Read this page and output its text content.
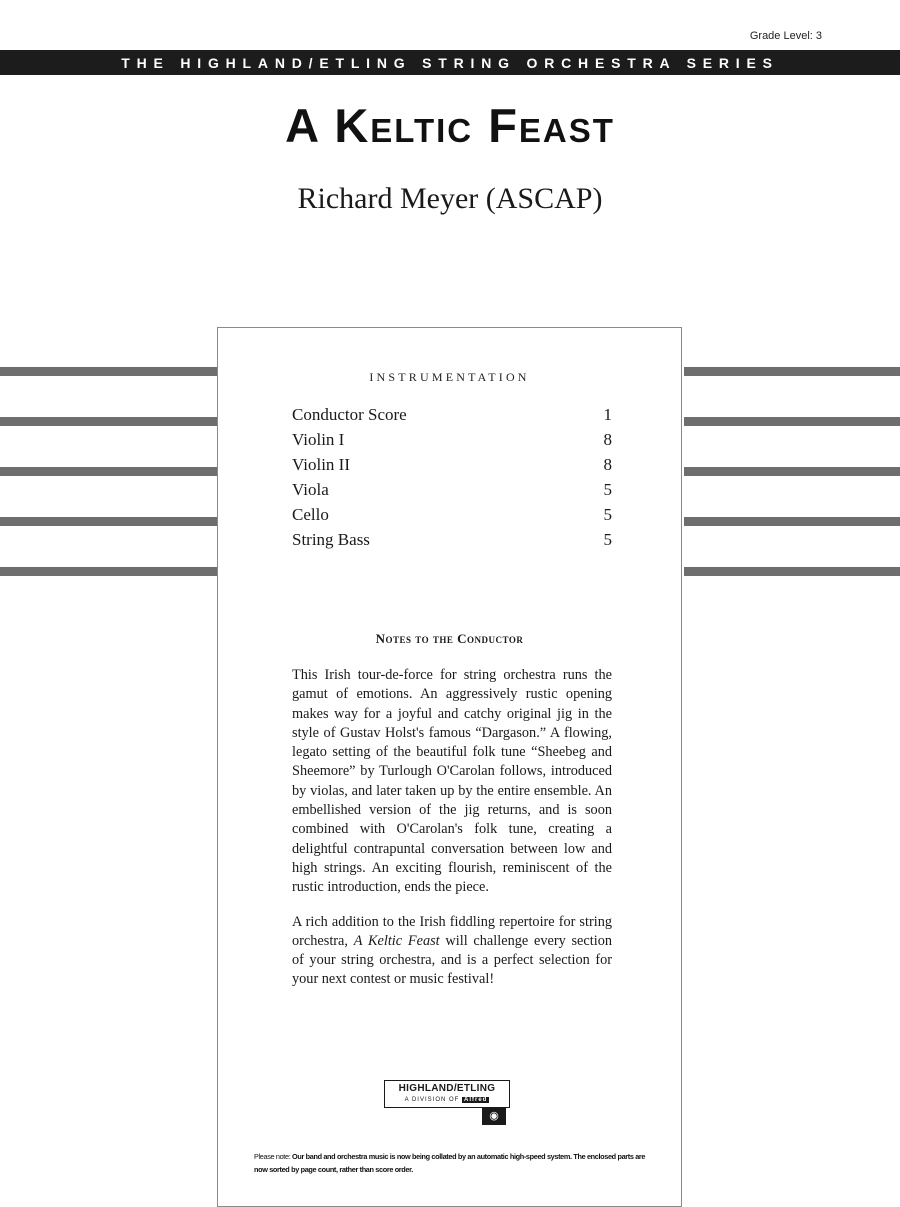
Grade Level: 3
THE HIGHLAND/ETLING STRING ORCHESTRA SERIES
A Keltic Feast
Richard Meyer (ASCAP)
INSTRUMENTATION
Conductor Score	1
Violin I	8
Violin II	8
Viola	5
Cello	5
String Bass	5
Notes to the Conductor

This Irish tour-de-force for string orchestra runs the gamut of emotions. An aggressively rustic opening makes way for a joyful and catchy original jig in the style of Gustav Holst's famous “Dargason.” A flowing, legato setting of the beautiful folk tune “Sheebeg and Sheemore” by Turlough O'Carolan follows, introduced by violas, and later taken up by the entire ensemble. An embellished version of the jig returns, and is soon combined with O'Carolan's folk tune, creating a delightful contrapuntal conversation between low and high strings. An exciting flourish, reminiscent of the rustic introduction, ends the piece.

A rich addition to the Irish fiddling repertoire for string orchestra, A Keltic Feast will challenge every section of your string orchestra, and is a perfect selection for your next contest or music festival!

HIGHLAND/ETLING
A DIVISION OF Alfred
◉
Please note: Our band and orchestra music is now being collated by an automatic high-speed system. The enclosed parts are now sorted by page count, rather than score order.
